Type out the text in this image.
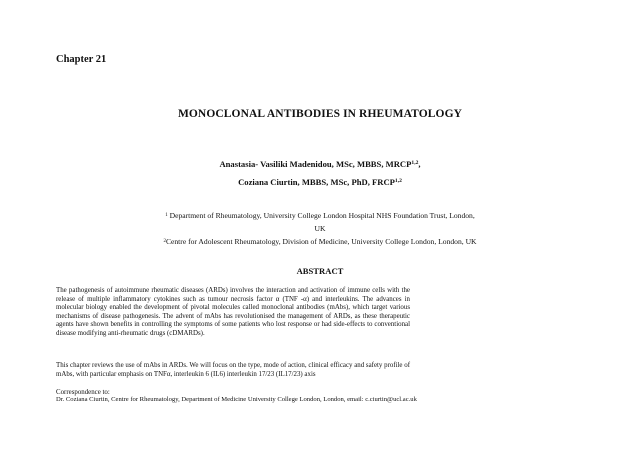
Chapter 21
MONOCLONAL ANTIBODIES IN RHEUMATOLOGY
Anastasia- Vasiliki Madenidou, MSc, MBBS, MRCP$^{1,2}$,
Coziana Ciurtin, MBBS, MSc, PhD, FRCP$^{1,2}$
$^1$ Department of Rheumatology, University College London Hospital NHS Foundation Trust, London,
UK
$^2$Centre for Adolescent Rheumatology, Division of Medicine, University College London, London, UK
ABSTRACT
The pathogenesis of autoimmune rheumatic diseases (ARDs) involves the interaction and activation of immune cells with the release of multiple inflammatory cytokines such as tumour necrosis factor α (TNF -α) and interleukins. The advances in molecular biology enabled the development of pivotal molecules called monoclonal antibodies (mAbs), which target various mechanisms of disease pathogenesis. The advent of mAbs has revolutionised the management of ARDs, as these therapeutic agents have shown benefits in controlling the symptoms of some patients who lost response or had side-effects to conventional disease modifying anti-rheumatic drugs (cDMARDs).
This chapter reviews the use of mAbs in ARDs. We will focus on the type, mode of action, clinical efficacy and safety profile of mAbs, with particular emphasis on TNFα, interleukin 6 (IL6) interleukin 17/23 (IL17/23) axis
Correspondence to:
Dr. Coziana Ciurtin, Centre for Rheumatology, Department of Medicine University College London, London, email: c.ciurtin@ucl.ac.uk
